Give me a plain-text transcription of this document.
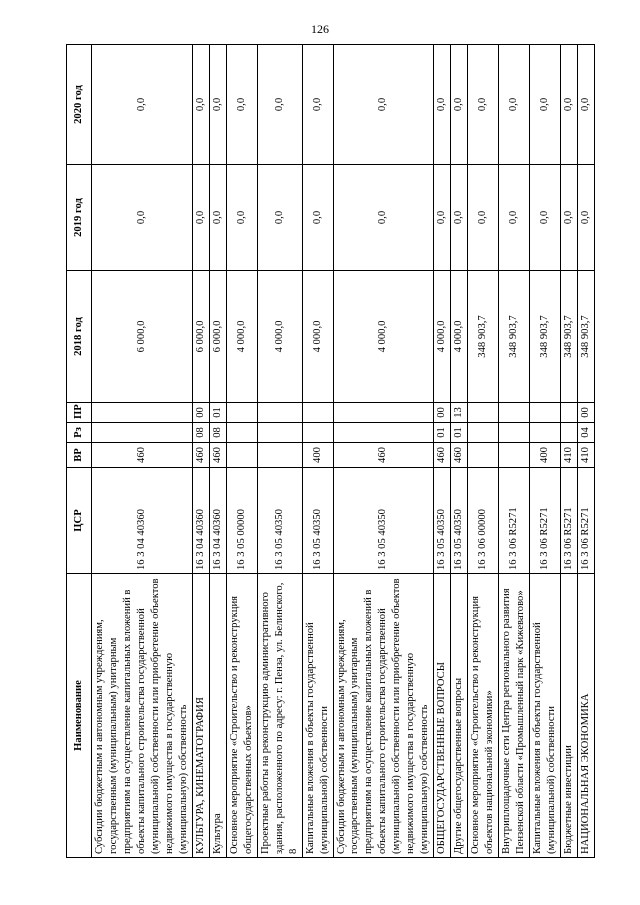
126
Наименование	ЦСР	ВР	Рз	ПР	2018 год	2019 год	2020 год
Субсидии бюджетным и автономным учреждениям, государственным (муниципальным) унитарным предприятиям на осуществление капитальных вложений в объекты капитального строительства государственной (муниципальной) собственности или приобретение объектов недвижимого имущества в государственную (муниципальную) собственность	16 3 04 40360	460			6 000,0	0,0	0,0
КУЛЬТУРА, КИНЕМАТОГРАФИЯ	16 3 04 40360	460	08	00	6 000,0	0,0	0,0
Культура	16 3 04 40360	460	08	01	6 000,0	0,0	0,0
Основное мероприятие «Строительство и реконструкция общегосударственных объектов»	16 3 05 00000				4 000,0	0,0	0,0
Проектные работы на реконструкцию административного здания, расположенного по адресу: г. Пенза, ул. Белинского, 8	16 3 05 40350				4 000,0	0,0	0,0
Капитальные вложения в объекты государственной (муниципальной) собственности	16 3 05 40350	400			4 000,0	0,0	0,0
Субсидии бюджетным и автономным учреждениям, государственным (муниципальным) унитарным предприятиям на осуществление капитальных вложений в объекты капитального строительства государственной (муниципальной) собственности или приобретение объектов недвижимого имущества в государственную (муниципальную) собственность	16 3 05 40350	460			4 000,0	0,0	0,0
ОБЩЕГОСУДАРСТВЕННЫЕ ВОПРОСЫ	16 3 05 40350	460	01	00	4 000,0	0,0	0,0
Другие общегосударственные вопросы	16 3 05 40350	460	01	13	4 000,0	0,0	0,0
Основное мероприятие «Строительство и реконструкция объектов национальной экономики»	16 3 06 00000				348 903,7	0,0	0,0
Внутриплощадочные сети Центра регионального развития Пензенской области «Промышленный парк «Кижеватово»	16 3 06 R5271				348 903,7	0,0	0,0
Капитальные вложения в объекты государственной (муниципальной) собственности	16 3 06 R5271	400			348 903,7	0,0	0,0
Бюджетные инвестиции	16 3 06 R5271	410			348 903,7	0,0	0,0
НАЦИОНАЛЬНАЯ ЭКОНОМИКА	16 3 06 R5271	410	04	00	348 903,7	0,0	0,0
